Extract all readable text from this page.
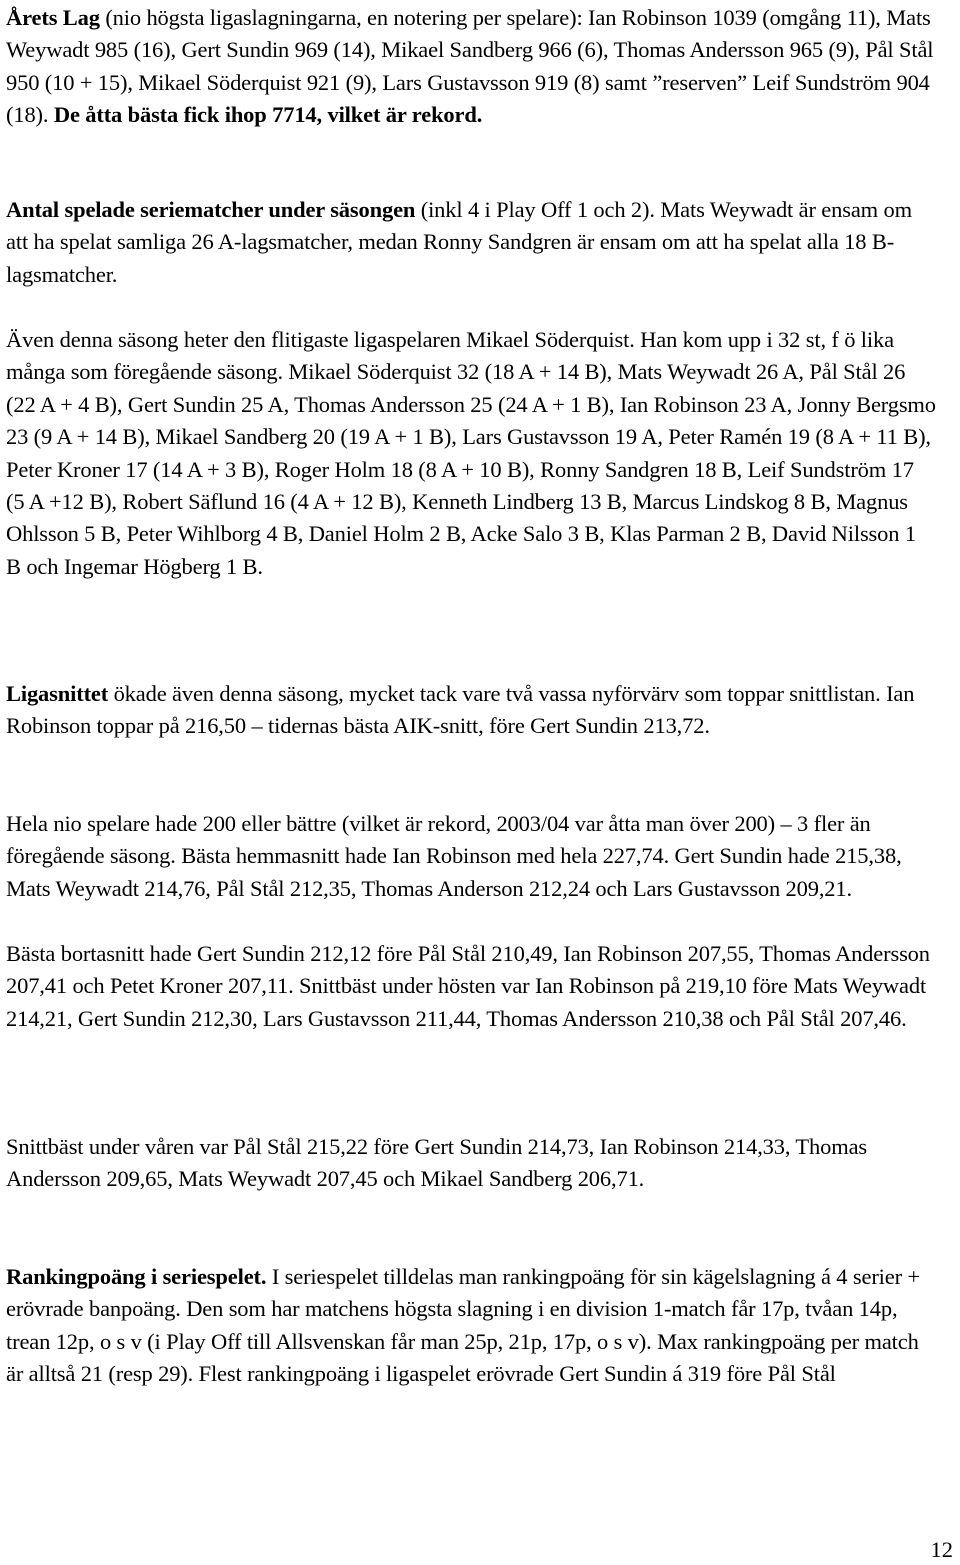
Årets Lag (nio högsta ligaslagningarna, en notering per spelare): Ian Robinson 1039 (omgång 11), Mats Weywadt 985 (16), Gert Sundin 969 (14), Mikael Sandberg 966 (6), Thomas Andersson 965 (9), Pål Stål 950 (10 + 15), Mikael Söderquist 921 (9), Lars Gustavsson 919 (8) samt ”reserven” Leif Sundström 904 (18). De åtta bästa fick ihop 7714, vilket är rekord.

Antal spelade seriematcher under säsongen (inkl 4 i Play Off 1 och 2). Mats Weywadt är ensam om att ha spelat samliga 26 A-lagsmatcher, medan Ronny Sandgren är ensam om att ha spelat alla 18 B-lagsmatcher.

Även denna säsong heter den flitigaste ligaspelaren Mikael Söderquist. Han kom upp i 32 st, f ö lika många som föregående säsong. Mikael Söderquist 32 (18 A + 14 B), Mats Weywadt 26 A, Pål Stål 26 (22 A + 4 B), Gert Sundin 25 A, Thomas Andersson 25 (24 A + 1 B), Ian Robinson 23 A, Jonny Bergsmo 23 (9 A + 14 B), Mikael Sandberg 20 (19 A + 1 B), Lars Gustavsson 19 A, Peter Ramén 19 (8 A + 11 B), Peter Kroner 17 (14 A + 3 B), Roger Holm 18 (8 A + 10 B), Ronny Sandgren 18 B, Leif Sundström 17 (5 A +12 B), Robert Säflund 16 (4 A + 12 B), Kenneth Lindberg 13 B, Marcus Lindskog 8 B, Magnus Ohlsson 5 B, Peter Wihlborg 4 B, Daniel Holm 2 B, Acke Salo 3 B, Klas Parman 2 B, David Nilsson 1 B och Ingemar Högberg 1 B.

Ligasnittet ökade även denna säsong, mycket tack vare två vassa nyförvärv som toppar snittlistan. Ian Robinson toppar på 216,50 – tidernas bästa AIK-snitt, före Gert Sundin 213,72.

Hela nio spelare hade 200 eller bättre (vilket är rekord, 2003/04 var åtta man över 200) – 3 fler än föregående säsong. Bästa hemmasnitt hade Ian Robinson med hela 227,74. Gert Sundin hade 215,38, Mats Weywadt 214,76, Pål Stål 212,35, Thomas Anderson 212,24 och Lars Gustavsson 209,21.

Bästa bortasnitt hade Gert Sundin 212,12 före Pål Stål 210,49, Ian Robinson 207,55, Thomas Andersson 207,41 och Petet Kroner 207,11. Snittbäst under hösten var Ian Robinson på 219,10 före Mats Weywadt 214,21, Gert Sundin 212,30, Lars Gustavsson 211,44, Thomas Andersson 210,38 och Pål Stål 207,46.

Snittbäst under våren var Pål Stål 215,22 före Gert Sundin 214,73, Ian Robinson 214,33, Thomas Andersson 209,65, Mats Weywadt 207,45 och Mikael Sandberg 206,71.

Rankingpoäng i seriespelet. I seriespelet tilldelas man rankingpoäng för sin kägelslagning á 4 serier + erövrade banpoäng. Den som har matchens högsta slagning i en division 1-match får 17p, tvåan 14p, trean 12p, o s v (i Play Off till Allsvenskan får man 25p, 21p, 17p, o s v). Max rankingpoäng per match är alltså 21 (resp 29). Flest rankingpoäng i ligaspelet erövrade Gert Sundin á 319 före Pål Stål

12
